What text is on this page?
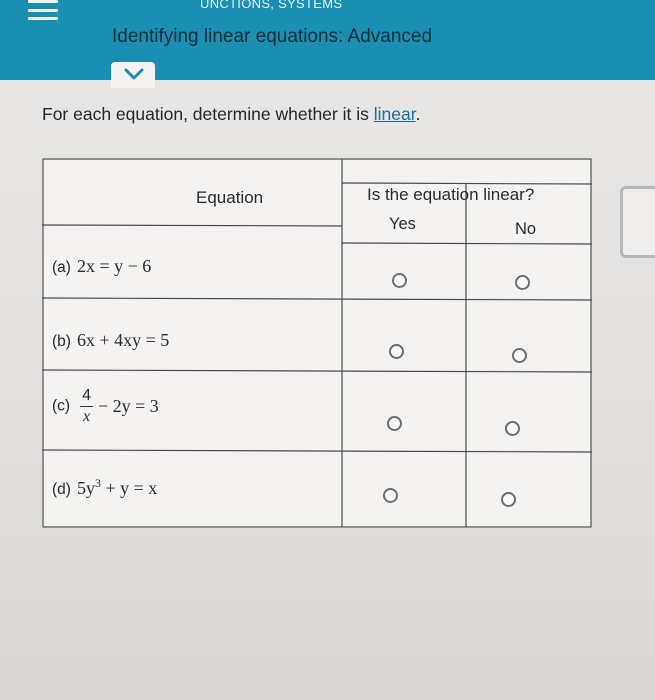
UNCTIONS, SYSTEMS
Identifying linear equations: Advanced
For each equation, determine whether it is linear.
Equation	Is the equation linear?
Yes	No
(a) 2x = y − 6
(b) 6x + 4xy = 5
$(c) \frac{4}{x} - 2y = 3$
(d) $5y^3 + y = x$
